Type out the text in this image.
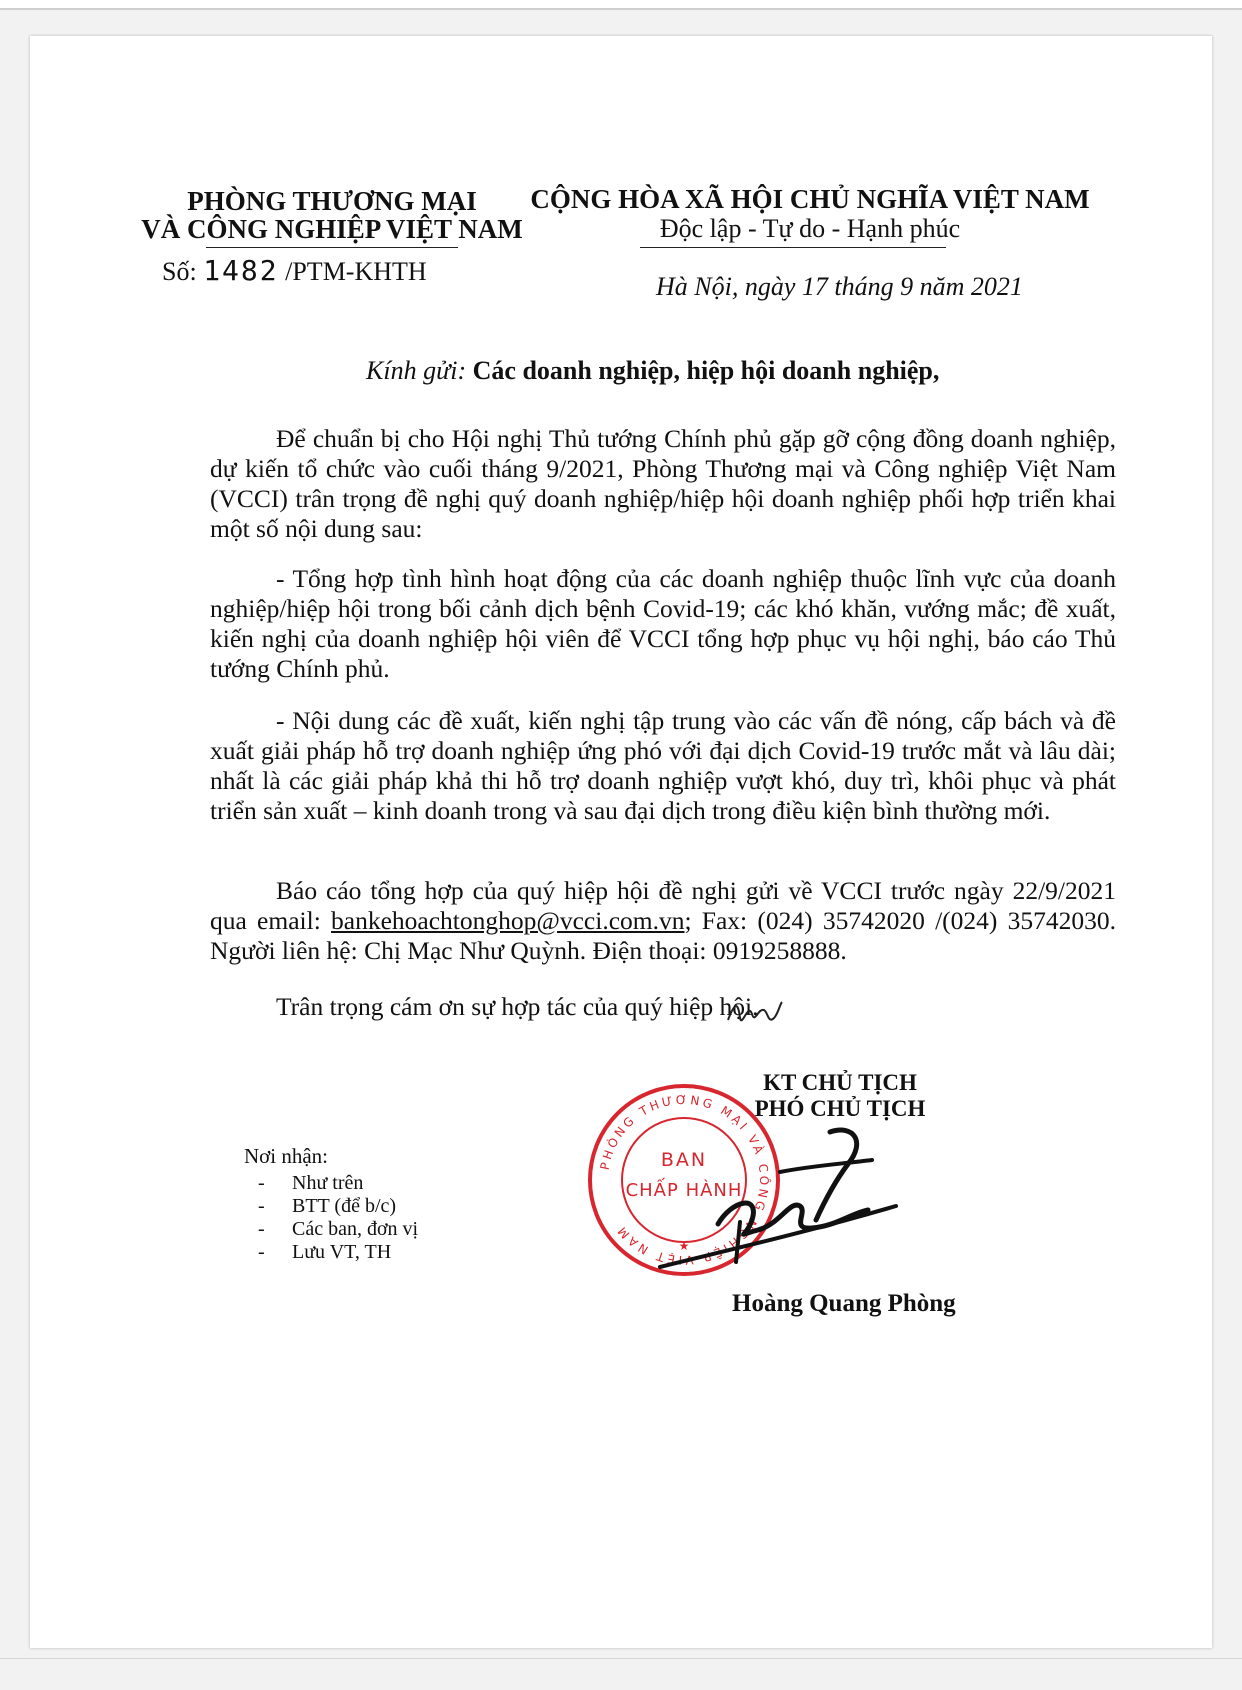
PHÒNG THƯƠNG MẠI
VÀ CÔNG NGHIỆP VIỆT NAM
Số: 1482 /PTM-KHTH
CỘNG HÒA XÃ HỘI CHỦ NGHĨA VIỆT NAM
Độc lập - Tự do - Hạnh phúc
Hà Nội, ngày 17 tháng 9 năm 2021
Kính gửi: Các doanh nghiệp, hiệp hội doanh nghiệp,
Để chuẩn bị cho Hội nghị Thủ tướng Chính phủ gặp gỡ cộng đồng doanh nghiệp, dự kiến tổ chức vào cuối tháng 9/2021, Phòng Thương mại và Công nghiệp Việt Nam (VCCI) trân trọng đề nghị quý doanh nghiệp/hiệp hội doanh nghiệp phối hợp triển khai một số nội dung sau:
- Tổng hợp tình hình hoạt động của các doanh nghiệp thuộc lĩnh vực của doanh nghiệp/hiệp hội trong bối cảnh dịch bệnh Covid-19; các khó khăn, vướng mắc; đề xuất, kiến nghị của doanh nghiệp hội viên để VCCI tổng hợp phục vụ hội nghị, báo cáo Thủ tướng Chính phủ.
- Nội dung các đề xuất, kiến nghị tập trung vào các vấn đề nóng, cấp bách và đề xuất giải pháp hỗ trợ doanh nghiệp ứng phó với đại dịch Covid-19 trước mắt và lâu dài; nhất là các giải pháp khả thi hỗ trợ doanh nghiệp vượt khó, duy trì, khôi phục và phát triển sản xuất – kinh doanh trong và sau đại dịch trong điều kiện bình thường mới.
Báo cáo tổng hợp của quý hiệp hội đề nghị gửi về VCCI trước ngày 22/9/2021 qua email: bankehoachtonghop@vcci.com.vn; Fax: (024) 35742020 /(024) 35742030. Người liên hệ: Chị Mạc Như Quỳnh. Điện thoại: 0919258888.
Trân trọng cám ơn sự hợp tác của quý hiệp hội.
KT CHỦ TỊCH
PHÓ CHỦ TỊCH
PHÒNG THƯƠNG MẠI VÀ CÔNG NGHIỆP VIỆT NAM
BAN
CHẤP HÀNH
★
Hoàng Quang Phòng
Nơi nhận:
- Như trên
- BTT (để b/c)
- Các ban, đơn vị
- Lưu VT, TH
